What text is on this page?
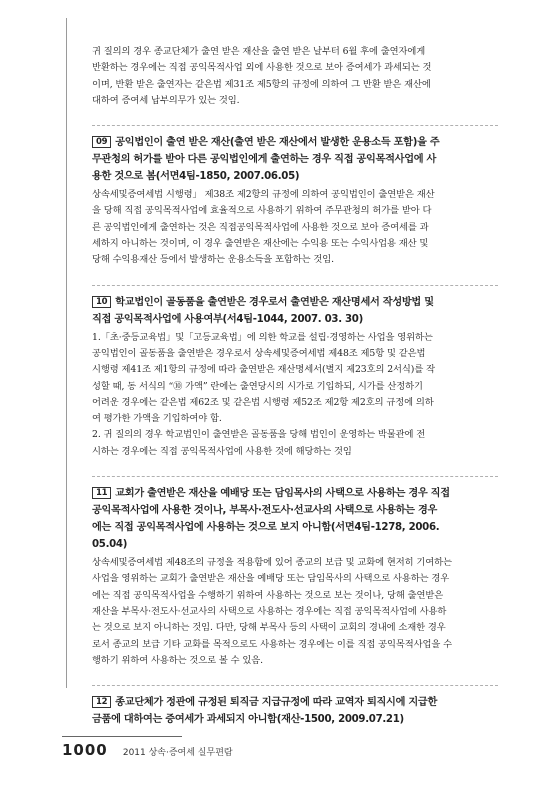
귀 질의의 경우 종교단체가 출연 받은 재산을 출연 받은 날부터 6월 후에 출연자에게
반환하는 경우에는 직접 공익목적사업 외에 사용한 것으로 보아 증여세가 과세되는 것
이며, 반환 받은 출연자는 같은법 제31조 제5항의 규정에 의하여 그 반환 받은 재산에
대하여 증여세 납부의무가 있는 것임.

09 공익법인이 출연 받은 재산(출연 받은 재산에서 발생한 운용소득 포함)을 주
무관청의 허가를 받아 다른 공익법인에게 출연하는 경우 직접 공익목적사업에 사
용한 것으로 봄(서면4팀-1850, 2007.06.05)

상속세및증여세법 시행령」 제38조 제2항의 규정에 의하여 공익법인이 출연받은 재산
을 당해 직접 공익목적사업에 효율적으로 사용하기 위하여 주무관청의 허가를 받아 다
른 공익법인에게 출연하는 것은 직접공익목적사업에 사용한 것으로 보아 증여세를 과
세하지 아니하는 것이며, 이 경우 출연받은 재산에는 수익용 또는 수익사업용 재산 및
당해 수익용재산 등에서 발생하는 운용소득을 포함하는 것임.

10 학교법인이 골동품을 출연받은 경우로서 출연받은 재산명세서 작성방법 및
직접 공익목적사업에 사용여부(서4팀-1044, 2007. 03. 30)

1.「초·중등교육법」및「고등교육법」에 의한 학교를 설립·경영하는 사업을 영위하는
공익법인이 골동품을 출연받은 경우로서 상속세및증여세법 제48조 제5항 및 같은법
시행령 제41조 제1항의 규정에 따라 출연받은 재산명세서(별지 제23호의 2서식)를 작
성할 때, 동 서식의 “⑩ 가액” 란에는 출연당시의 시가로 기입하되, 시가를 산정하기
어려운 경우에는 같은법 제62조 및 같은법 시행령 제52조 제2항 제2호의 규정에 의하
여 평가한 가액을 기입하여야 함.
2. 귀 질의의 경우 학교법인이 출연받은 골동품을 당해 법인이 운영하는 박물관에 전
시하는 경우에는 직접 공익목적사업에 사용한 것에 해당하는 것임

11 교회가 출연받은 재산을 예배당 또는 담임목사의 사택으로 사용하는 경우 직접
공익목적사업에 사용한 것이나, 부목사·전도사·선교사의 사택으로 사용하는 경우
에는 직접 공익목적사업에 사용하는 것으로 보지 아니함(서면4팀-1278, 2006.
05.04)

상속세및증여세법 제48조의 규정을 적용함에 있어 종교의 보급 및 교화에 현저히 기여하는
사업을 영위하는 교회가 출연받은 재산을 예배당 또는 담임목사의 사택으로 사용하는 경우
에는 직접 공익목적사업을 수행하기 위하여 사용하는 것으로 보는 것이나, 당해 출연받은
재산을 부목사·전도사·선교사의 사택으로 사용하는 경우에는 직접 공익목적사업에 사용하
는 것으로 보지 아니하는 것임. 다만, 당해 부목사 등의 사택이 교회의 경내에 소재한 경우
로서 종교의 보급 기타 교화를 목적으로도 사용하는 경우에는 이를 직접 공익목적사업을 수
행하기 위하여 사용하는 것으로 볼 수 있음.

12 종교단체가 정관에 규정된 퇴직금 지급규정에 따라 교역자 퇴직시에 지급한
금품에 대하여는 증여세가 과세되지 아니함(재산-1500, 2009.07.21)
1000 2011 상속·증여세 실무편람
